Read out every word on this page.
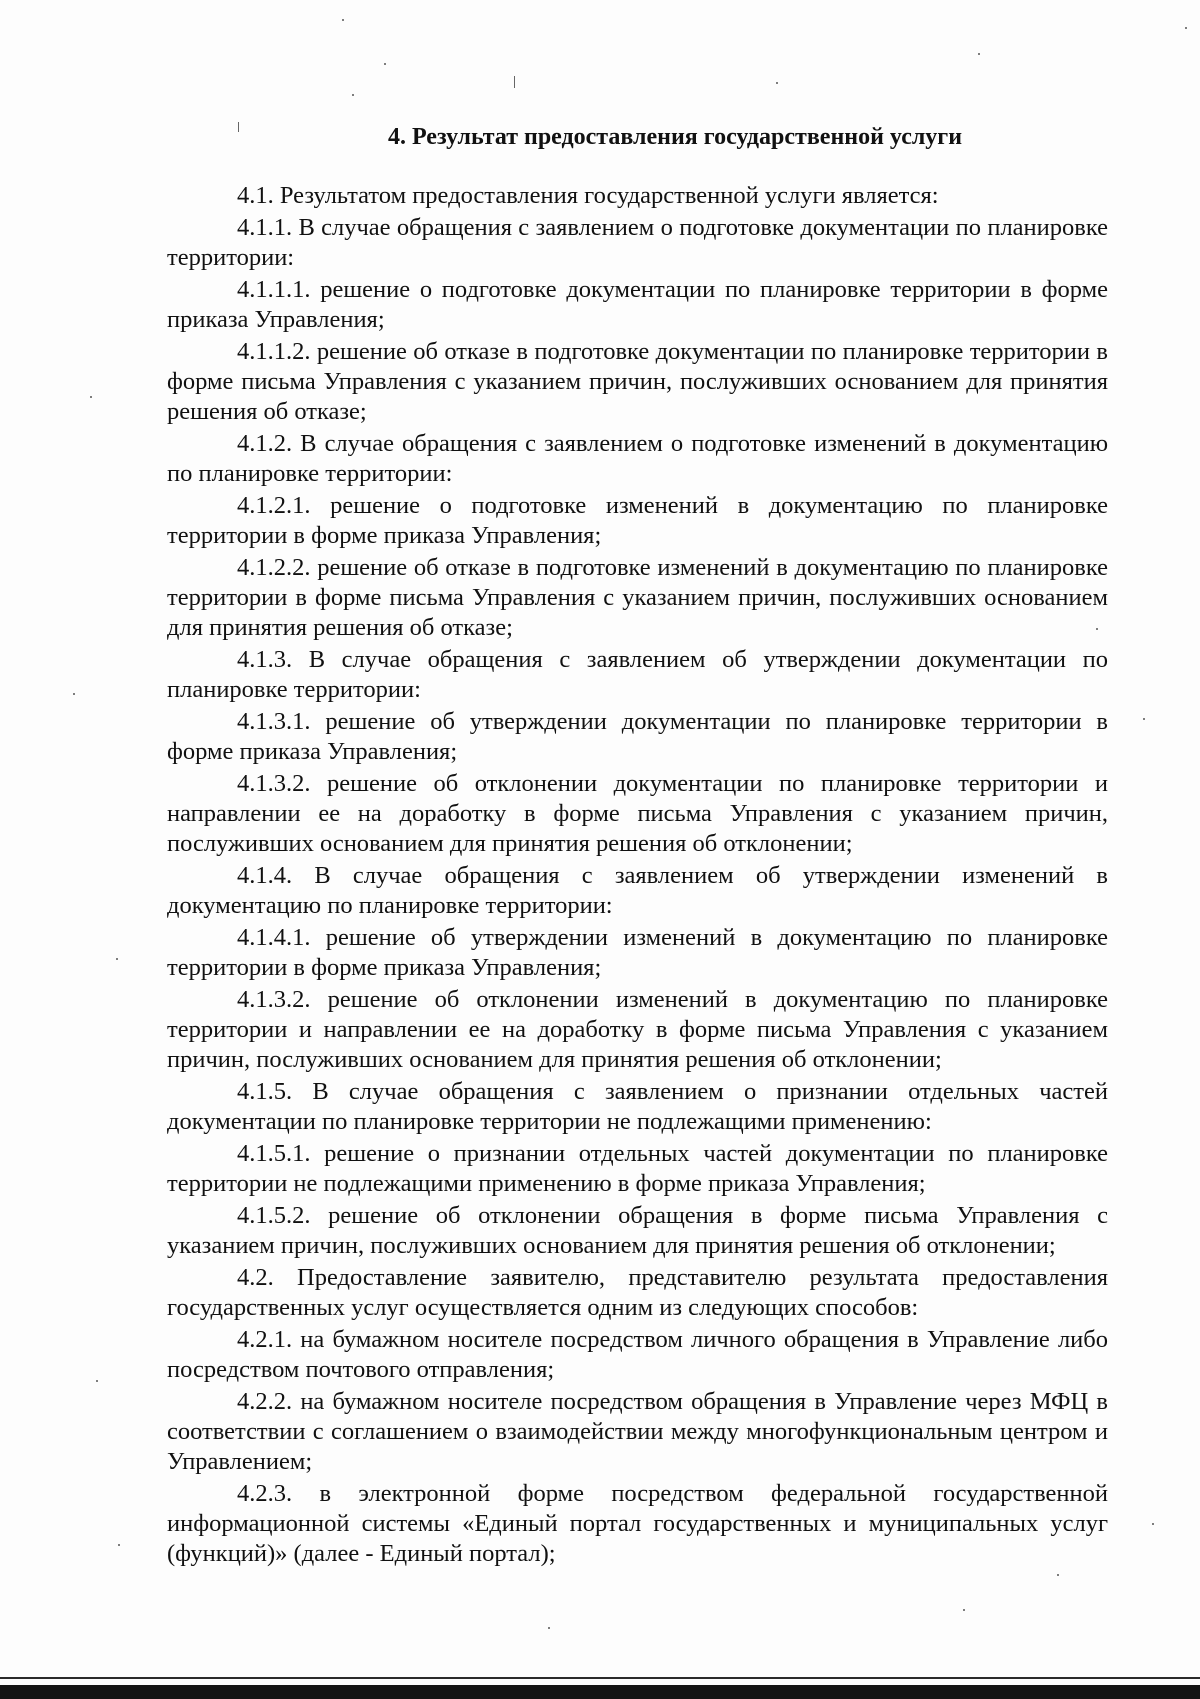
4. Результат предоставления государственной услуги

4.1. Результатом предоставления государственной услуги является:

4.1.1. В случае обращения с заявлением о подготовке документации по планировке территории:

4.1.1.1. решение о подготовке документации по планировке территории в форме приказа Управления;

4.1.1.2. решение об отказе в подготовке документации по планировке территории в форме письма Управления с указанием причин, послуживших основанием для принятия решения об отказе;

4.1.2. В случае обращения с заявлением о подготовке изменений в документацию по планировке территории:

4.1.2.1. решение о подготовке изменений в документацию по планировке территории в форме приказа Управления;

4.1.2.2. решение об отказе в подготовке изменений в документацию по планировке территории в форме письма Управления с указанием причин, послуживших основанием для принятия решения об отказе;

4.1.3. В случае обращения с заявлением об утверждении документации по планировке территории:

4.1.3.1. решение об утверждении документации по планировке территории в форме приказа Управления;

4.1.3.2. решение об отклонении документации по планировке территории и направлении ее на доработку в форме письма Управления с указанием причин, послуживших основанием для принятия решения об отклонении;

4.1.4. В случае обращения с заявлением об утверждении изменений в документацию по планировке территории:

4.1.4.1. решение об утверждении изменений в документацию по планировке территории в форме приказа Управления;

4.1.3.2. решение об отклонении изменений в документацию по планировке территории и направлении ее на доработку в форме письма Управления с указанием причин, послуживших основанием для принятия решения об отклонении;

4.1.5. В случае обращения с заявлением о признании отдельных частей документации по планировке территории не подлежащими применению:

4.1.5.1. решение о признании отдельных частей документации по планировке территории не подлежащими применению в форме приказа Управления;

4.1.5.2. решение об отклонении обращения в форме письма Управления с указанием причин, послуживших основанием для принятия решения об отклонении;

4.2. Предоставление заявителю, представителю результата предоставления государственных услуг осуществляется одним из следующих способов:

4.2.1. на бумажном носителе посредством личного обращения в Управление либо посредством почтового отправления;

4.2.2. на бумажном носителе посредством обращения в Управление через МФЦ в соответствии с соглашением о взаимодействии между многофункциональным центром и Управлением;

4.2.3. в электронной форме посредством федеральной государственной информационной системы «Единый портал государственных и муниципальных услуг (функций)» (далее - Единый портал);
